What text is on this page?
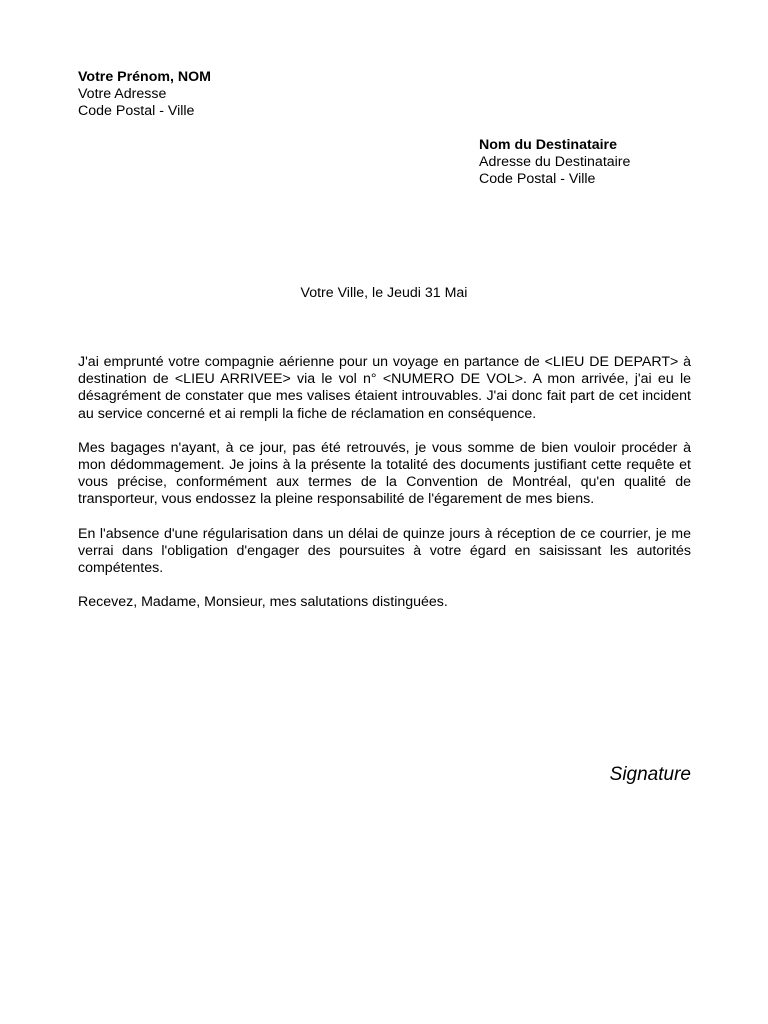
Votre Prénom, NOM
Votre Adresse
Code Postal - Ville
Nom du Destinataire
Adresse du Destinataire
Code Postal - Ville
Votre Ville, le Jeudi 31 Mai

J'ai emprunté votre compagnie aérienne pour un voyage en partance de <LIEU DE DEPART> à destination de <LIEU ARRIVEE> via le vol n° <NUMERO DE VOL>. A mon arrivée, j'ai eu le désagrément de constater que mes valises étaient introuvables. J'ai donc fait part de cet incident au service concerné et ai rempli la fiche de réclamation en conséquence.

Mes bagages n'ayant, à ce jour, pas été retrouvés, je vous somme de bien vouloir procéder à mon dédommagement. Je joins à la présente la totalité des documents justifiant cette requête et vous précise, conformément aux termes de la Convention de Montréal, qu'en qualité de transporteur, vous endossez la pleine responsabilité de l'égarement de mes biens.

En l'absence d'une régularisation dans un délai de quinze jours à réception de ce courrier, je me verrai dans l'obligation d'engager des poursuites à votre égard en saisissant les autorités compétentes.

Recevez, Madame, Monsieur, mes salutations distinguées.

Signature
